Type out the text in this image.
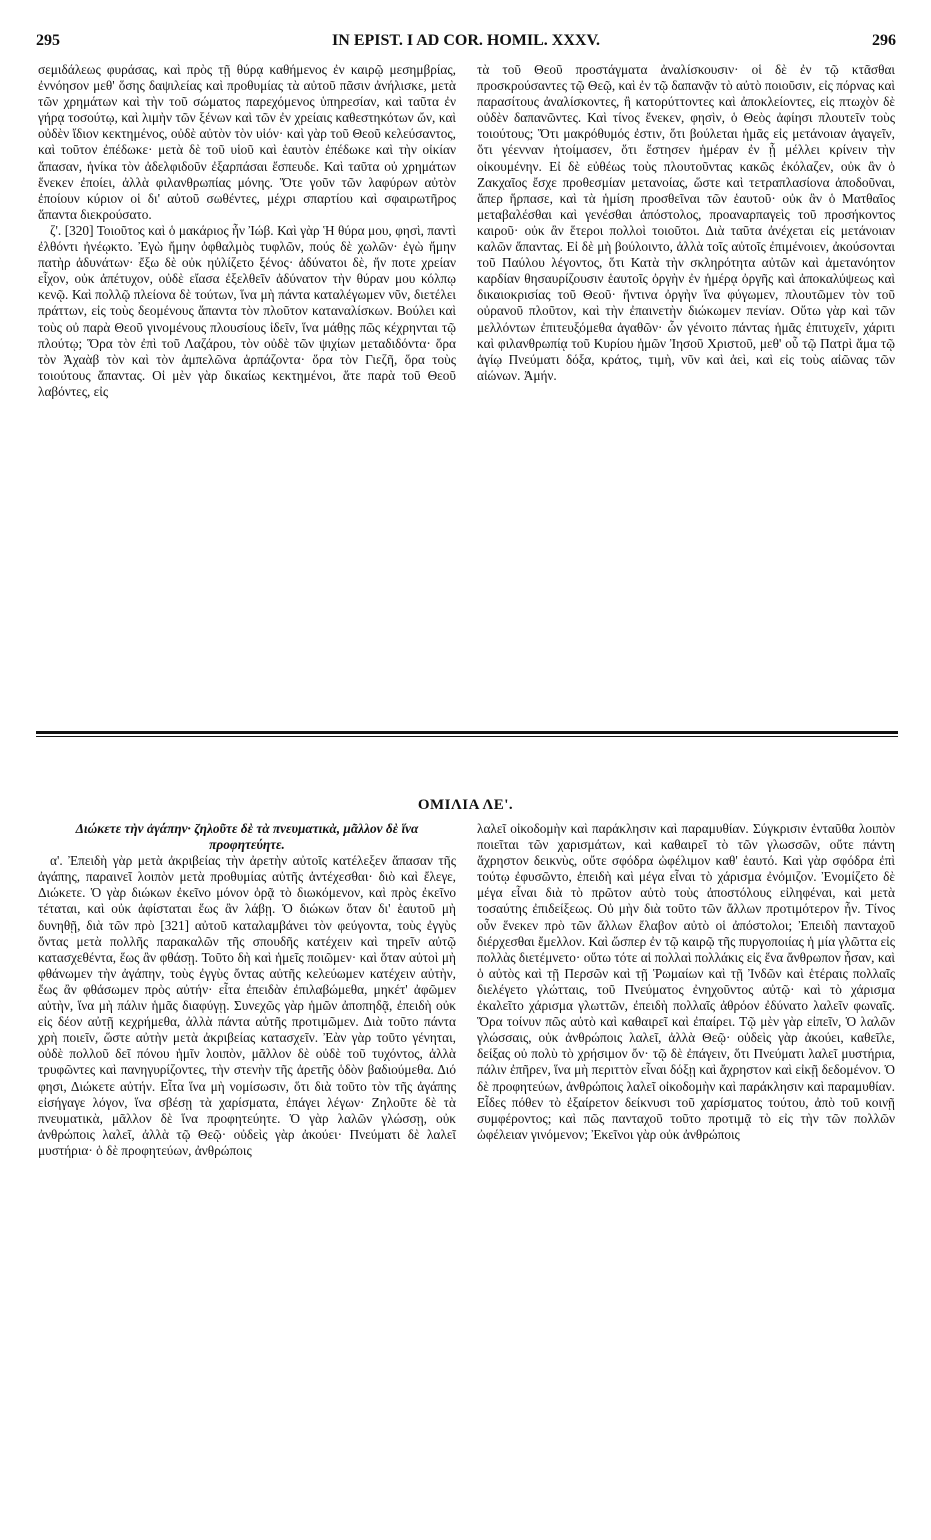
295	IN EPIST. I AD COR. HOMIL. XXXV.	296

σεμιδάλεως φυράσας, καὶ πρὸς τῇ θύρᾳ καθήμενος ἐν καιρῷ μεσημβρίας, ἐννόησον μεθ' ὅσης δαψιλείας καὶ προθυμίας τὰ αὐτοῦ πᾶσιν ἀνήλισκε, μετὰ τῶν χρημάτων καὶ τὴν τοῦ σώματος παρεχόμενος ὑπηρεσίαν, καὶ ταῦτα ἐν γήρᾳ τοσούτῳ, καὶ λιμὴν τῶν ξένων καὶ τῶν ἐν χρείαις καθεστηκότων ὤν, καὶ οὐδὲν ἴδιον κεκτημένος, οὐδὲ αὐτὸν τὸν υἱόν· καὶ γὰρ τοῦ Θεοῦ κελεύσαντος, καὶ τοῦτον ἐπέδωκε· μετὰ δὲ τοῦ υἱοῦ καὶ ἑαυτὸν ἐπέδωκε καὶ τὴν οἰκίαν ἅπασαν, ἡνίκα τὸν ἀδελφιδοῦν ἐξαρπάσαι ἔσπευδε. Καὶ ταῦτα οὐ χρημάτων ἕνεκεν ἐποίει, ἀλλὰ φιλανθρωπίας μόνης. Ὅτε γοῦν τῶν λαφύρων αὐτὸν ἐποίουν κύριον οἱ δι' αὐτοῦ σωθέντες, μέχρι σπαρτίου καὶ σφαιρωτῆρος ἅπαντα διεκρούσατο.

ζ'. [320] Τοιοῦτος καὶ ὁ μακάριος ἦν Ἰώβ. Καὶ γὰρ Ἡ θύρα μου, φησὶ, παντὶ ἐλθόντι ἠνέῳκτο. Ἐγὼ ἤμην ὀφθαλμὸς τυφλῶν, πούς δὲ χωλῶν· ἐγὼ ἤμην πατὴρ ἀδυνάτων· ἔξω δὲ οὐκ ηὐλίζετο ξένος· ἀδύνατοι δὲ, ἥν ποτε χρείαν εἶχον, οὐκ ἀπέτυχον, οὐδὲ εἴασα ἐξελθεῖν ἀδύνατον τὴν θύραν μου κόλπῳ κενῷ. Καὶ πολλῷ πλείονα δὲ τούτων, ἵνα μὴ πάντα καταλέγωμεν νῦν, διετέλει πράττων, εἰς τοὺς δεομένους ἅπαντα τὸν πλοῦτον καταναλίσκων. Βούλει καὶ τοὺς οὐ παρὰ Θεοῦ γινομένους πλουσίους ἰδεῖν, ἵνα μάθῃς πῶς κέχρηνται τῷ πλούτῳ; Ὅρα τὸν ἐπὶ τοῦ Λαζάρου, τὸν οὐδὲ τῶν ψιχίων μεταδιδόντα· ὅρα τὸν Ἀχαὰβ τὸν καὶ τὸν ἀμπελῶνα ἁρπάζοντα· ὅρα τὸν Γιεζῆ, ὅρα τοὺς τοιούτους ἅπαντας. Οἱ μὲν γὰρ δικαίως κεκτημένοι, ἅτε παρὰ τοῦ Θεοῦ λαβόντες, εἰς

τὰ τοῦ Θεοῦ προστάγματα ἀναλίσκουσιν· οἱ δὲ ἐν τῷ κτᾶσθαι προσκρούσαντες τῷ Θεῷ, καὶ ἐν τῷ δαπανᾷν τὸ αὐτὸ ποιοῦσιν, εἰς πόρνας καὶ παρασίτους ἀναλίσκοντες, ἢ κατορύττοντες καὶ ἀποκλείοντες, εἰς πτωχὸν δὲ οὐδὲν δαπανῶντες. Καὶ τίνος ἕνεκεν, φησὶν, ὁ Θεὸς ἀφίησι πλουτεῖν τοὺς τοιούτους; Ὅτι μακρόθυμός ἐστιν, ὅτι βούλεται ἡμᾶς εἰς μετάνοιαν ἀγαγεῖν, ὅτι γέενναν ἡτοίμασεν, ὅτι ἔστησεν ἡμέραν ἐν ᾗ μέλλει κρίνειν τὴν οἰκουμένην. Εἰ δὲ εὐθέως τοὺς πλουτοῦντας κακῶς ἐκόλαζεν, οὐκ ἂν ὁ Ζακχαῖος ἔσχε προθεσμίαν μετανοίας, ὥστε καὶ τετραπλασίονα ἀποδοῦναι, ἅπερ ἥρπασε, καὶ τὰ ἡμίση προσθεῖναι τῶν ἑαυτοῦ· οὐκ ἂν ὁ Ματθαῖος μεταβαλέσθαι καὶ γενέσθαι ἀπόστολος, προαναρπαγεὶς τοῦ προσήκοντος καιροῦ· οὐκ ἂν ἕτεροι πολλοὶ τοιοῦτοι. Διὰ ταῦτα ἀνέχεται εἰς μετάνοιαν καλῶν ἅπαντας. Εἰ δὲ μὴ βούλοιντο, ἀλλὰ τοῖς αὐτοῖς ἐπιμένοιεν, ἀκούσονται τοῦ Παύλου λέγοντος, ὅτι Κατὰ τὴν σκληρότητα αὐτῶν καὶ ἀμετανόητον καρδίαν θησαυρίζουσιν ἑαυτοῖς ὀργὴν ἐν ἡμέρᾳ ὀργῆς καὶ ἀποκαλύψεως καὶ δικαιοκρισίας τοῦ Θεοῦ· ἥντινα ὀργὴν ἵνα φύγωμεν, πλουτῶμεν τὸν τοῦ οὐρανοῦ πλοῦτον, καὶ τὴν ἐπαινετὴν διώκωμεν πενίαν. Οὕτω γὰρ καὶ τῶν μελλόντων ἐπιτευξόμεθα ἀγαθῶν· ὧν γένοιτο πάντας ἡμᾶς ἐπιτυχεῖν, χάριτι καὶ φιλανθρωπίᾳ τοῦ Κυρίου ἡμῶν Ἰησοῦ Χριστοῦ, μεθ' οὗ τῷ Πατρὶ ἅμα τῷ ἁγίῳ Πνεύματι δόξα, κράτος, τιμὴ, νῦν καὶ ἀεὶ, καὶ εἰς τοὺς αἰῶνας τῶν αἰώνων. Ἀμήν.

ΟΜΙΛΙΑ ΛΕ'.

Διώκετε τὴν ἀγάπην· ζηλοῦτε δὲ τὰ πνευματικὰ, μᾶλλον δὲ ἵνα προφητεύητε.

α'. Ἐπειδὴ γὰρ μετὰ ἀκριβείας τὴν ἀρετὴν αὐτοῖς κατέλεξεν ἅπασαν τῆς ἀγάπης, παραινεῖ λοιπὸν μετὰ προθυμίας αὐτῆς ἀντέχεσθαι· διὸ καὶ ἔλεγε, Διώκετε. Ὁ γὰρ διώκων ἐκεῖνο μόνον ὁρᾷ τὸ διωκόμενον, καὶ πρὸς ἐκεῖνο τέταται, καὶ οὐκ ἀφίσταται ἕως ἂν λάβῃ. Ὁ διώκων ὅταν δι' ἑαυτοῦ μὴ δυνηθῇ, διὰ τῶν πρὸ [321] αὐτοῦ καταλαμβάνει τὸν φεύγοντα, τοὺς ἐγγὺς ὄντας μετὰ πολλῆς παρακαλῶν τῆς σπουδῆς κατέχειν καὶ τηρεῖν αὐτῷ κατασχεθέντα, ἕως ἂν φθάσῃ. Τοῦτο δὴ καὶ ἡμεῖς ποιῶμεν· καὶ ὅταν αὐτοὶ μὴ φθάνωμεν τὴν ἀγάπην, τοὺς ἐγγὺς ὄντας αὐτῆς κελεύωμεν κατέχειν αὐτὴν, ἕως ἂν φθάσωμεν πρὸς αὐτήν· εἶτα ἐπειδὰν ἐπιλαβώμεθα, μηκέτ' ἀφῶμεν αὐτὴν, ἵνα μὴ πάλιν ἡμᾶς διαφύγῃ. Συνεχῶς γὰρ ἡμῶν ἀποπηδᾷ, ἐπειδὴ οὐκ εἰς δέον αὐτῇ κεχρήμεθα, ἀλλὰ πάντα αὐτῆς προτιμῶμεν. Διὰ τοῦτο πάντα χρὴ ποιεῖν, ὥστε αὐτὴν μετὰ ἀκριβείας κατασχεῖν. Ἐὰν γὰρ τοῦτο γένηται, οὐδὲ πολλοῦ δεῖ πόνου ἡμῖν λοιπὸν, μᾶλλον δὲ οὐδὲ τοῦ τυχόντος, ἀλλὰ τρυφῶντες καὶ πανηγυρίζοντες, τὴν στενὴν τῆς ἀρετῆς ὁδὸν βαδιούμεθα. Διό φησι, Διώκετε αὐτήν. Εἶτα ἵνα μὴ νομίσωσιν, ὅτι διὰ τοῦτο τὸν τῆς ἀγάπης εἰσήγαγε λόγον, ἵνα σβέσῃ τὰ χαρίσματα, ἐπάγει λέγων· Ζηλοῦτε δὲ τὰ πνευματικὰ, μᾶλλον δὲ ἵνα προφητεύητε. Ὁ γὰρ λαλῶν γλώσσῃ, οὐκ ἀνθρώποις λαλεῖ, ἀλλὰ τῷ Θεῷ· οὐδεὶς γὰρ ἀκούει· Πνεύματι δὲ λαλεῖ μυστήρια· ὁ δὲ προφητεύων, ἀνθρώποις

λαλεῖ οἰκοδομὴν καὶ παράκλησιν καὶ παραμυθίαν. Σύγκρισιν ἐνταῦθα λοιπὸν ποιεῖται τῶν χαρισμάτων, καὶ καθαιρεῖ τὸ τῶν γλωσσῶν, οὔτε πάντη ἄχρηστον δεικνὺς, οὔτε σφόδρα ὠφέλιμον καθ' ἑαυτό. Καὶ γὰρ σφόδρα ἐπὶ τούτῳ ἐφυσῶντο, ἐπειδὴ καὶ μέγα εἶναι τὸ χάρισμα ἐνόμιζον. Ἐνομίζετο δὲ μέγα εἶναι διὰ τὸ πρῶτον αὐτὸ τοὺς ἀποστόλους εἰληφέναι, καὶ μετὰ τοσαύτης ἐπιδείξεως. Οὐ μὴν διὰ τοῦτο τῶν ἄλλων προτιμότερον ἦν. Τίνος οὖν ἕνεκεν πρὸ τῶν ἄλλων ἔλαβον αὐτὸ οἱ ἀπόστολοι; Ἐπειδὴ πανταχοῦ διέρχεσθαι ἔμελλον. Καὶ ὥσπερ ἐν τῷ καιρῷ τῆς πυργοποιίας ἡ μία γλῶττα εἰς πολλὰς διετέμνετο· οὕτω τότε αἱ πολλαὶ πολλάκις εἰς ἕνα ἄνθρωπον ἦσαν, καὶ ὁ αὐτὸς καὶ τῇ Περσῶν καὶ τῇ Ῥωμαίων καὶ τῇ Ἰνδῶν καὶ ἑτέραις πολλαῖς διελέγετο γλώτταις, τοῦ Πνεύματος ἐνηχοῦντος αὐτῷ· καὶ τὸ χάρισμα ἐκαλεῖτο χάρισμα γλωττῶν, ἐπειδὴ πολλαῖς ἀθρόον ἐδύνατο λαλεῖν φωναῖς. Ὅρα τοίνυν πῶς αὐτὸ καὶ καθαιρεῖ καὶ ἐπαίρει. Τῷ μὲν γὰρ εἰπεῖν, Ὁ λαλῶν γλώσσαις, οὐκ ἀνθρώποις λαλεῖ, ἀλλὰ Θεῷ· οὐδεὶς γὰρ ἀκούει, καθεῖλε, δείξας οὐ πολὺ τὸ χρήσιμον ὄν· τῷ δὲ ἐπάγειν, ὅτι Πνεύματι λαλεῖ μυστήρια, πάλιν ἐπῆρεν, ἵνα μὴ περιττὸν εἶναι δόξῃ καὶ ἄχρηστον καὶ εἰκῇ δεδομένον. Ὁ δὲ προφητεύων, ἀνθρώποις λαλεῖ οἰκοδομὴν καὶ παράκλησιν καὶ παραμυθίαν. Εἶδες πόθεν τὸ ἐξαίρετον δείκνυσι τοῦ χαρίσματος τούτου, ἀπὸ τοῦ κοινῇ συμφέροντος; καὶ πῶς πανταχοῦ τοῦτο προτιμᾷ τὸ εἰς τὴν τῶν πολλῶν ὠφέλειαν γινόμενον; Ἐκεῖνοι γὰρ οὐκ ἀνθρώποις
